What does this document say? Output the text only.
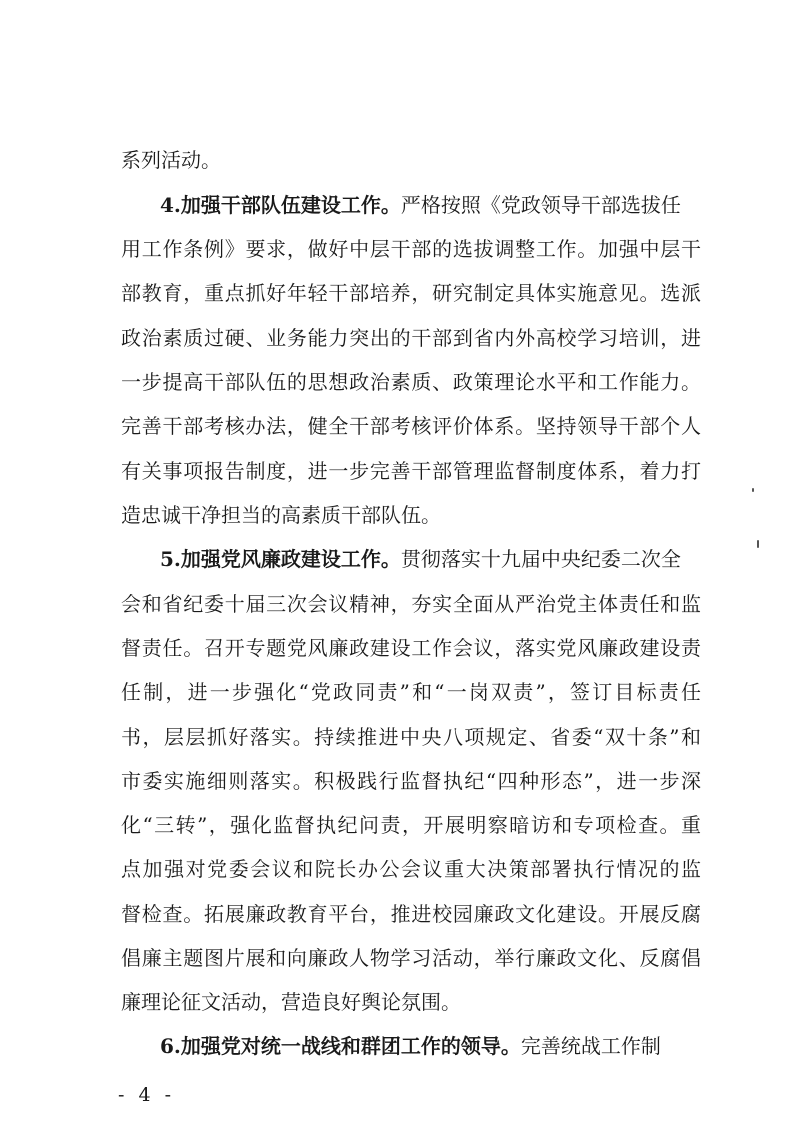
系列活动。
4.加强干部队伍建设工作。严格按照《党政领导干部选拔任
用工作条例》要求，做好中层干部的选拔调整工作。加强中层干
部教育，重点抓好年轻干部培养，研究制定具体实施意见。选派
政治素质过硬、业务能力突出的干部到省内外高校学习培训，进
一步提高干部队伍的思想政治素质、政策理论水平和工作能力。
完善干部考核办法，健全干部考核评价体系。坚持领导干部个人
有关事项报告制度，进一步完善干部管理监督制度体系，着力打
造忠诚干净担当的高素质干部队伍。
5.加强党风廉政建设工作。贯彻落实十九届中央纪委二次全
会和省纪委十届三次会议精神，夯实全面从严治党主体责任和监
督责任。召开专题党风廉政建设工作会议，落实党风廉政建设责
任制，进一步强化“党政同责”和“一岗双责”，签订目标责任
书，层层抓好落实。持续推进中央八项规定、省委“双十条”和
市委实施细则落实。积极践行监督执纪“四种形态”，进一步深
化“三转”，强化监督执纪问责，开展明察暗访和专项检查。重
点加强对党委会议和院长办公会议重大决策部署执行情况的监
督检查。拓展廉政教育平台，推进校园廉政文化建设。开展反腐
倡廉主题图片展和向廉政人物学习活动，举行廉政文化、反腐倡
廉理论征文活动，营造良好舆论氛围。
6.加强党对统一战线和群团工作的领导。完善统战工作制
- 4 -
